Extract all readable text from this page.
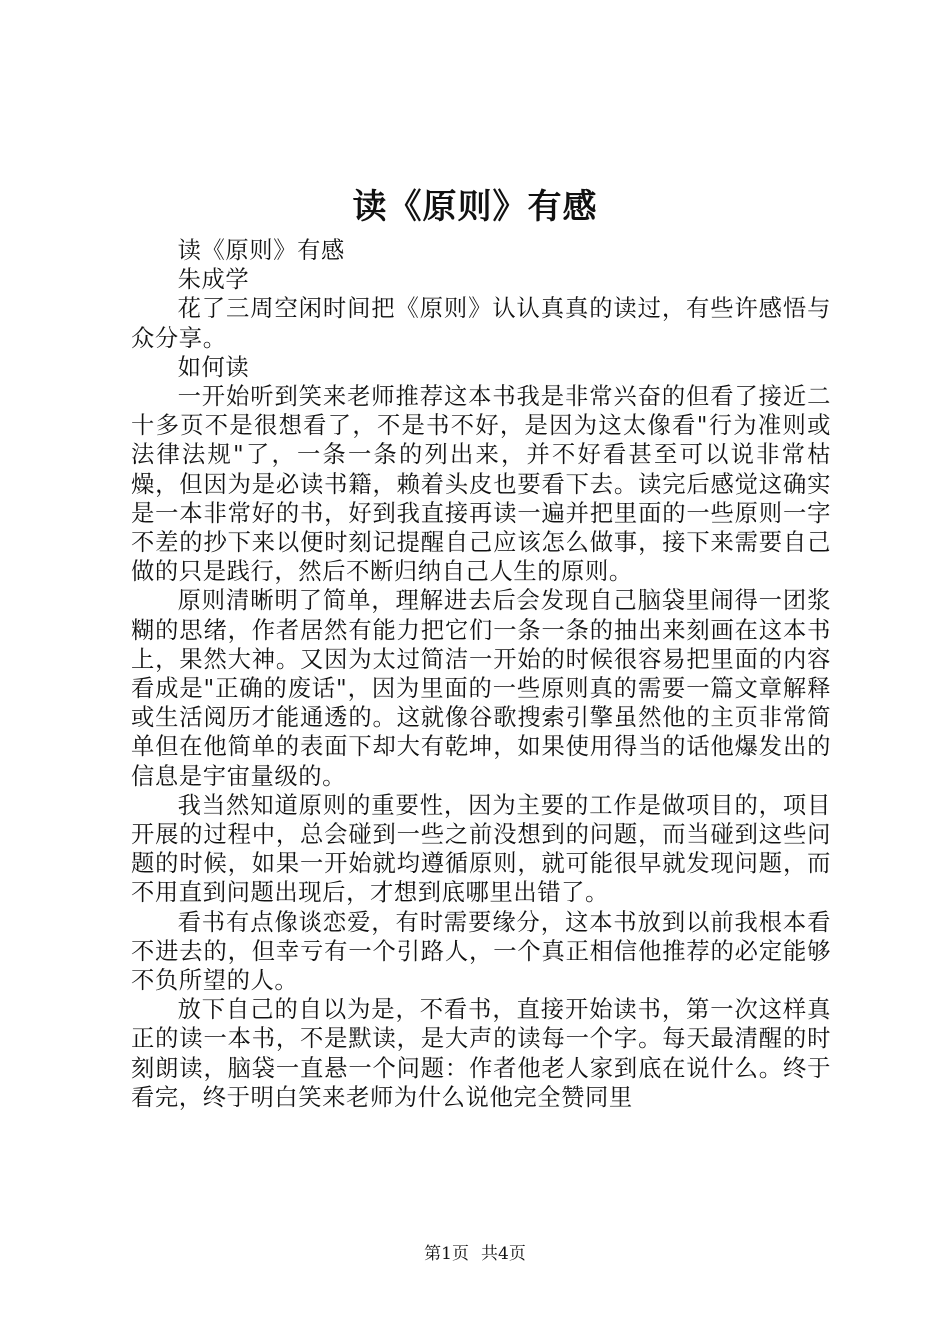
读《原则》有感

读《原则》有感

朱成学

花了三周空闲时间把《原则》认认真真的读过，有些许感悟与众分享。

如何读

一开始听到笑来老师推荐这本书我是非常兴奋的但看了接近二十多页不是很想看了，不是书不好，是因为这太像看"行为准则或法律法规"了，一条一条的列出来，并不好看甚至可以说非常枯燥，但因为是必读书籍，赖着头皮也要看下去。读完后感觉这确实是一本非常好的书，好到我直接再读一遍并把里面的一些原则一字不差的抄下来以便时刻记提醒自己应该怎么做事，接下来需要自己做的只是践行，然后不断归纳自己人生的原则。

原则清晰明了简单，理解进去后会发现自己脑袋里闹得一团浆糊的思绪，作者居然有能力把它们一条一条的抽出来刻画在这本书上，果然大神。又因为太过简洁一开始的时候很容易把里面的内容看成是"正确的废话"，因为里面的一些原则真的需要一篇文章解释或生活阅历才能通透的。这就像谷歌搜索引擎虽然他的主页非常简单但在他简单的表面下却大有乾坤，如果使用得当的话他爆发出的信息是宇宙量级的。

我当然知道原则的重要性，因为主要的工作是做项目的，项目开展的过程中，总会碰到一些之前没想到的问题，而当碰到这些问题的时候，如果一开始就均遵循原则，就可能很早就发现问题，而不用直到问题出现后，才想到底哪里出错了。

看书有点像谈恋爱，有时需要缘分，这本书放到以前我根本看不进去的，但幸亏有一个引路人，一个真正相信他推荐的必定能够不负所望的人。

放下自己的自以为是，不看书，直接开始读书，第一次这样真正的读一本书，不是默读，是大声的读每一个字。每天最清醒的时刻朗读，脑袋一直悬一个问题：作者他老人家到底在说什么。终于看完，终于明白笑来老师为什么说他完全赞同里

第1页 共4页
